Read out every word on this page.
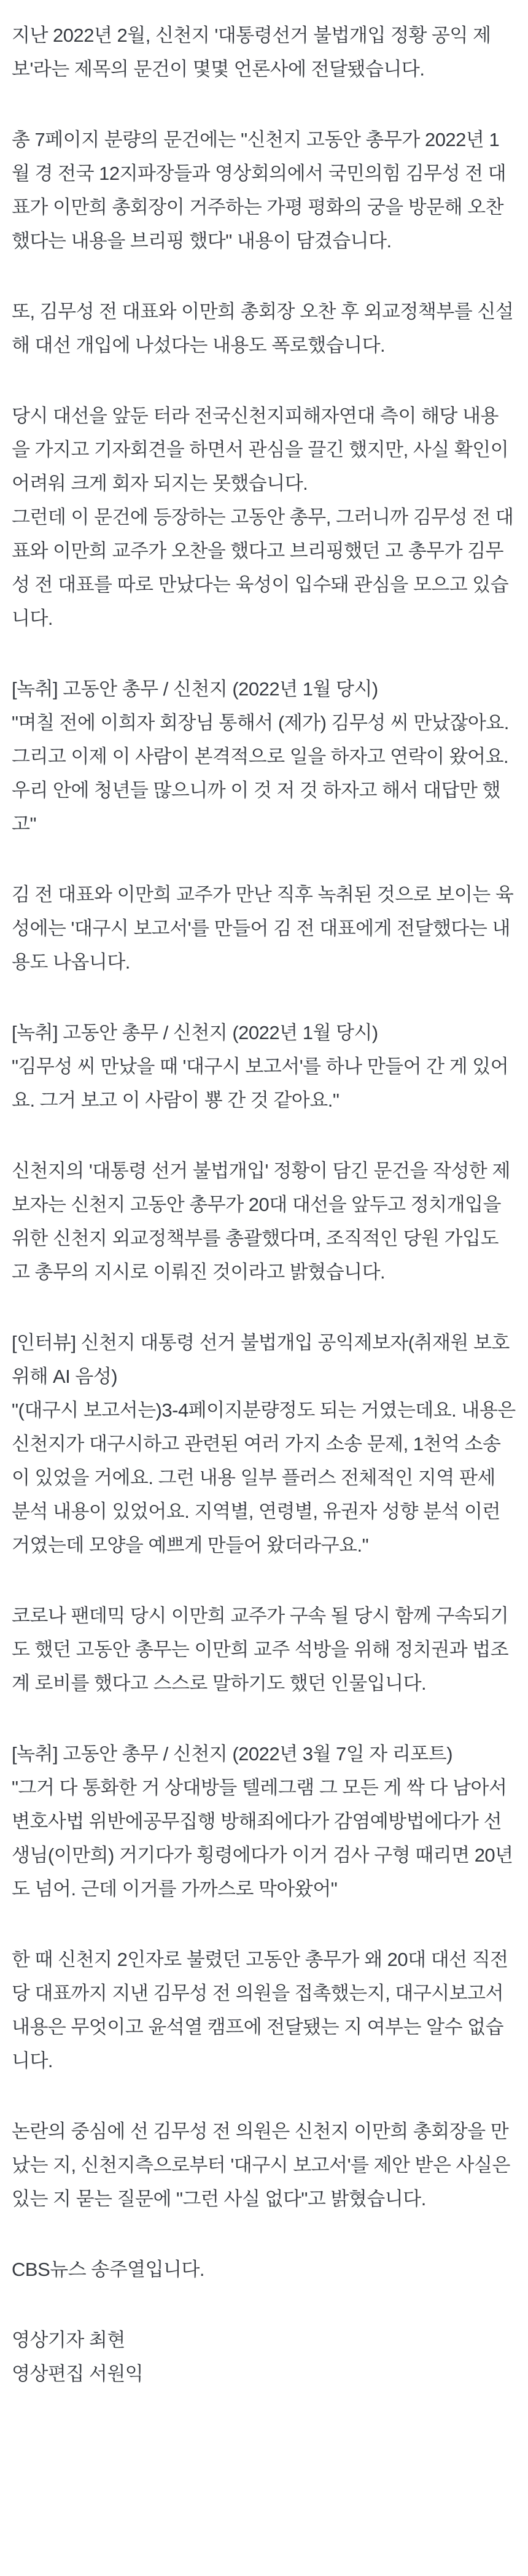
지난 2022년 2월, 신천지 '대통령선거 불법개입 정황 공익 제보'라는 제목의 문건이 몇몇 언론사에 전달됐습니다.

총 7페이지 분량의 문건에는 "신천지 고동안 총무가 2022년 1월 경 전국 12지파장들과 영상회의에서 국민의힘 김무성 전 대표가 이만희 총회장이 거주하는 가평 평화의 궁을 방문해 오찬했다는 내용을 브리핑 했다" 내용이 담겼습니다.

또, 김무성 전 대표와 이만희 총회장 오찬 후 외교정책부를 신설해 대선 개입에 나섰다는 내용도 폭로했습니다.

당시 대선을 앞둔 터라 전국신천지피해자연대 측이 해당 내용을 가지고 기자회견을 하면서 관심을 끌긴 했지만, 사실 확인이 어려워 크게 회자 되지는 못했습니다.

그런데 이 문건에 등장하는 고동안 총무, 그러니까 김무성 전 대표와 이만희 교주가 오찬을 했다고 브리핑했던 고 총무가 김무성 전 대표를 따로 만났다는 육성이 입수돼 관심을 모으고 있습니다.

[녹취] 고동안 총무 / 신천지 (2022년 1월 당시)

"며칠 전에 이희자 회장님 통해서 (제가) 김무성 씨 만났잖아요. 그리고 이제 이 사람이 본격적으로 일을 하자고 연락이 왔어요. 우리 안에 청년들 많으니까 이 것 저 것 하자고 해서 대답만 했고"

김 전 대표와 이만희 교주가 만난 직후 녹취된 것으로 보이는 육성에는 '대구시 보고서'를 만들어 김 전 대표에게 전달했다는 내용도 나옵니다.

[녹취] 고동안 총무 / 신천지 (2022년 1월 당시)

"김무성 씨 만났을 때 '대구시 보고서'를 하나 만들어 간 게 있어요. 그거 보고 이 사람이 뿅 간 것 같아요."

신천지의 '대통령 선거 불법개입' 정황이 담긴 문건을 작성한 제보자는 신천지 고동안 총무가 20대 대선을 앞두고 정치개입을 위한 신천지 외교정책부를 총괄했다며, 조직적인 당원 가입도 고 총무의 지시로 이뤄진 것이라고 밝혔습니다.

[인터뷰] 신천지 대통령 선거 불법개입 공익제보자(취재원 보호 위해 AI 음성)

"(대구시 보고서는)3-4페이지분량정도 되는 거였는데요. 내용은 신천지가 대구시하고 관련된 여러 가지 소송 문제, 1천억 소송이 있었을 거에요. 그런 내용 일부 플러스 전체적인 지역 판세 분석 내용이 있었어요. 지역별, 연령별, 유권자 성향 분석 이런 거였는데 모양을 예쁘게 만들어 왔더라구요."

코로나 팬데믹 당시 이만희 교주가 구속 될 당시 함께 구속되기도 했던 고동안 총무는 이만희 교주 석방을 위해 정치권과 법조계 로비를 했다고 스스로 말하기도 했던 인물입니다.

[녹취] 고동안 총무 / 신천지 (2022년 3월 7일 자 리포트)

"그거 다 통화한 거 상대방들 텔레그램 그 모든 게 싹 다 남아서 변호사법 위반에공무집행 방해죄에다가 감염예방법에다가 선생님(이만희) 거기다가 횡령에다가 이거 검사 구형 때리면 20년도 넘어. 근데 이거를 가까스로 막아왔어"

한 때 신천지 2인자로 불렸던 고동안 총무가 왜 20대 대선 직전 당 대표까지 지낸 김무성 전 의원을 접촉했는지, 대구시보고서 내용은 무엇이고 윤석열 캠프에 전달됐는 지 여부는 알수 없습니다.

논란의 중심에 선 김무성 전 의원은 신천지 이만희 총회장을 만났는 지, 신천지측으로부터 '대구시 보고서'를 제안 받은 사실은 있는 지 묻는 질문에 "그런 사실 없다"고 밝혔습니다.

CBS뉴스 송주열입니다.

영상기자 최현

영상편집 서원익
